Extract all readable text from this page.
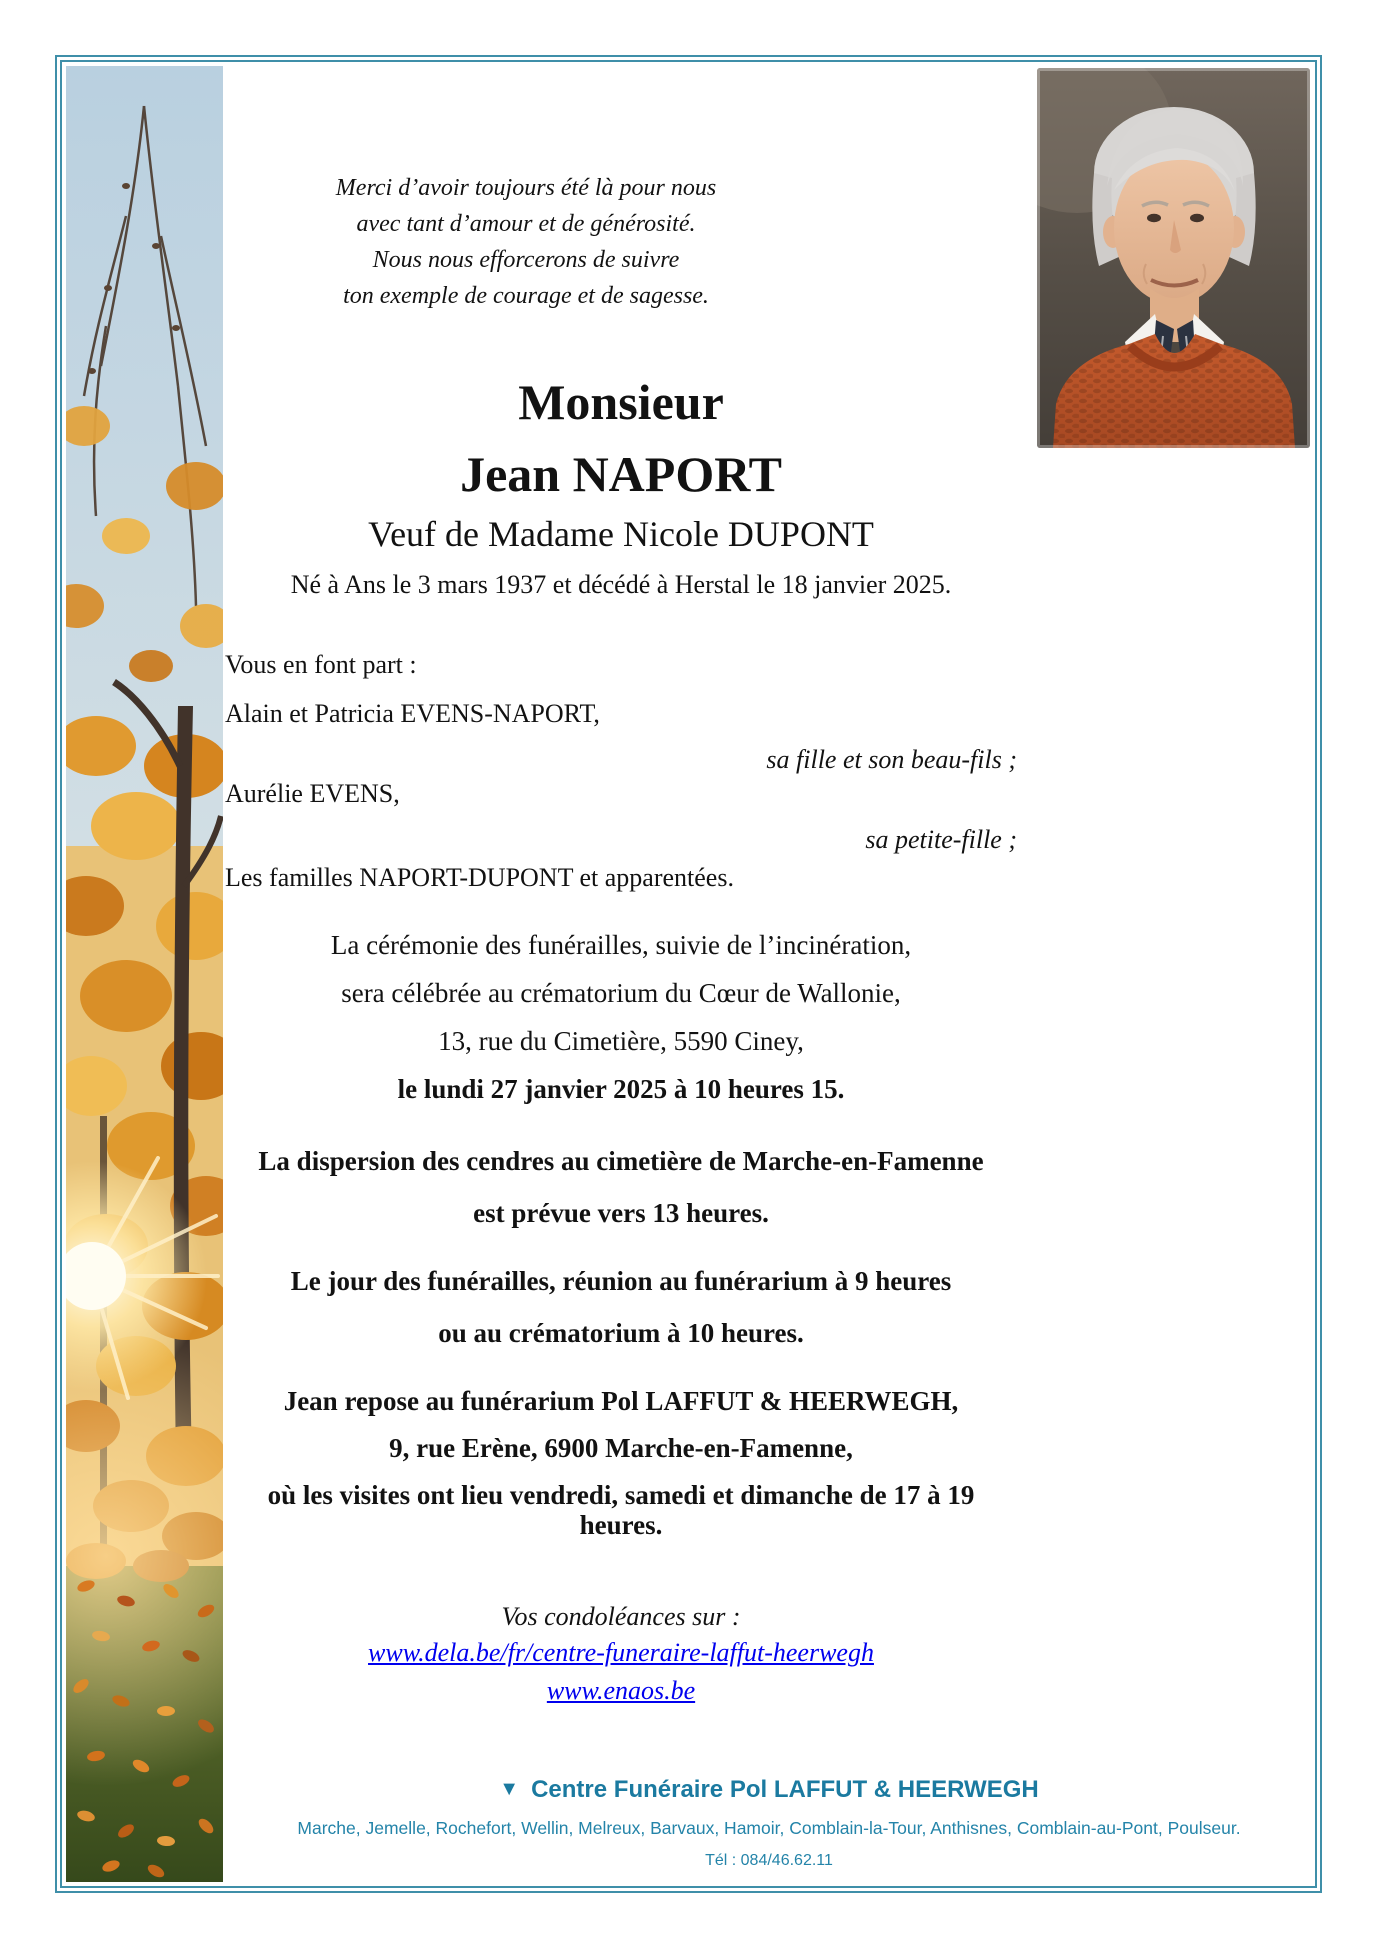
Merci d’avoir toujours été là pour nous
avec tant d’amour et de générosité.
Nous nous efforcerons de suivre
ton exemple de courage et de sagesse.
Monsieur
Jean NAPORT
Veuf de Madame Nicole DUPONT
Né à Ans le 3 mars 1937 et décédé à Herstal le 18 janvier 2025.
Vous en font part :
Alain et Patricia EVENS-NAPORT,
sa fille et son beau-fils ;
Aurélie EVENS,
sa petite-fille ;
Les familles NAPORT-DUPONT et apparentées.
La cérémonie des funérailles, suivie de l’incinération,
sera célébrée au crématorium du Cœur de Wallonie,
13, rue du Cimetière, 5590 Ciney,
le lundi 27 janvier 2025 à 10 heures 15.
La dispersion des cendres au cimetière de Marche-en-Famenne
est prévue vers 13 heures.
Le jour des funérailles, réunion au funérarium à 9 heures
ou au crématorium à 10 heures.
Jean repose au funérarium Pol LAFFUT & HEERWEGH,
9, rue Erène, 6900 Marche-en-Famenne,
où les visites ont lieu vendredi, samedi et dimanche de 17 à 19 heures.
Vos condoléances sur :
www.dela.be/fr/centre-funeraire-laffut-heerwegh
www.enaos.be
▼ Centre Funéraire Pol LAFFUT & HEERWEGH
Marche, Jemelle, Rochefort, Wellin, Melreux, Barvaux, Hamoir, Comblain-la-Tour, Anthisnes, Comblain-au-Pont, Poulseur.
Tél : 084/46.62.11
